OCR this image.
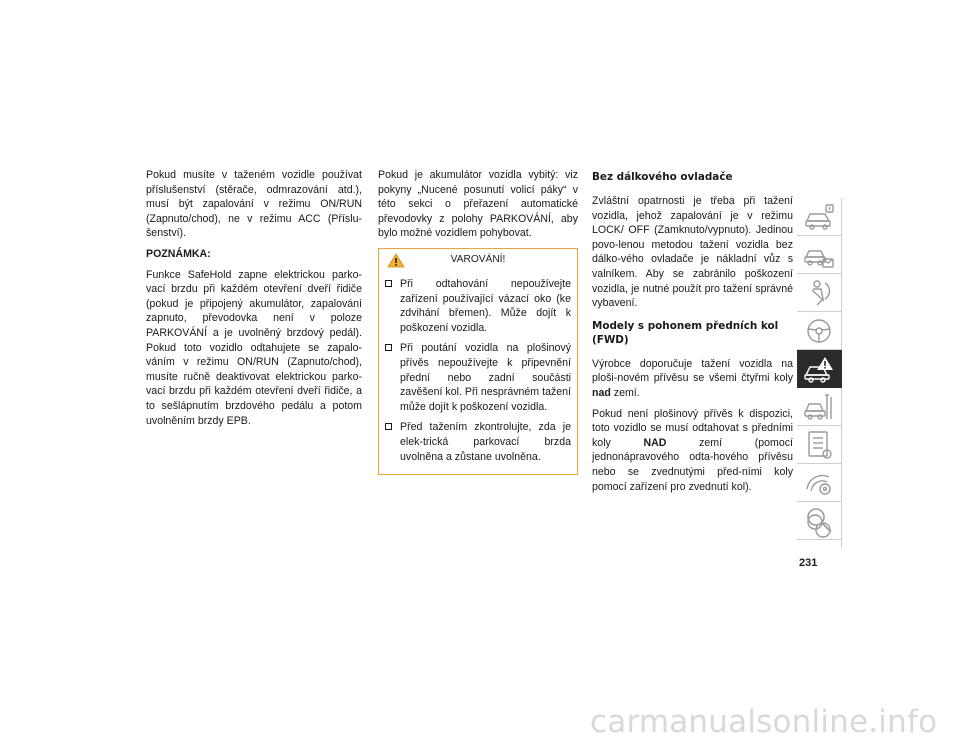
Pokud musíte v taženém vozidle používat příslušenství (stěrače, odmrazování atd.), musí být zapalování v režimu ON/RUN (Zapnuto/chod), ne v režimu ACC (Příslu-šenství).

POZNÁMKA:

Funkce SafeHold zapne elektrickou parko-vací brzdu při každém otevření dveří řidiče (pokud je připojený akumulátor, zapalování zapnuto, převodovka není v poloze PARKOVÁNÍ a je uvolněný brzdový pedál). Pokud toto vozidlo odtahujete se zapalo-váním v režimu ON/RUN (Zapnuto/chod), musíte ručně deaktivovat elektrickou parko-vací brzdu při každém otevření dveří řidiče, a to sešlápnutím brzdového pedálu a potom uvolněním brzdy EPB.

Pokud je akumulátor vozidla vybitý: viz pokyny „Nucené posunutí volicí páky“ v této sekci o přeřazení automatické převodovky z polohy PARKOVÁNÍ, aby bylo možné vozidlem pohybovat.

VAROVÁNÍ!
Při odtahování nepoužívejte zařízení používající vázací oko (ke zdvihání břemen). Může dojít k poškození vozidla.
Při poutání vozidla na plošinový přívěs nepoužívejte k připevnění přední nebo zadní součásti zavěšení kol. Při nesprávném tažení může dojít k poškození vozidla.
Před tažením zkontrolujte, zda je elek-trická parkovací brzda uvolněna a zůstane uvolněna.
Bez dálkového ovladače

Zvláštní opatrnosti je třeba při tažení vozidla, jehož zapalování je v režimu LOCK/ OFF (Zamknuto/vypnuto). Jedinou povo-lenou metodou tažení vozidla bez dálko-vého ovladače je nákladní vůz s valníkem. Aby se zabránilo poškození vozidla, je nutné použít pro tažení správné vybavení.

Modely s pohonem předních kol (FWD)

Výrobce doporučuje tažení vozidla na ploši-novém přívěsu se všemi čtyřmi koly nad zemí.

Pokud není plošinový přívěs k dispozici, toto vozidlo se musí odtahovat s předními koly NAD zemí (pomocí jednonápravového odta-hového přívěsu nebo se zvednutými před-ními koly pomocí zařízení pro zvednutí kol).

231
carmanualsonline.info
